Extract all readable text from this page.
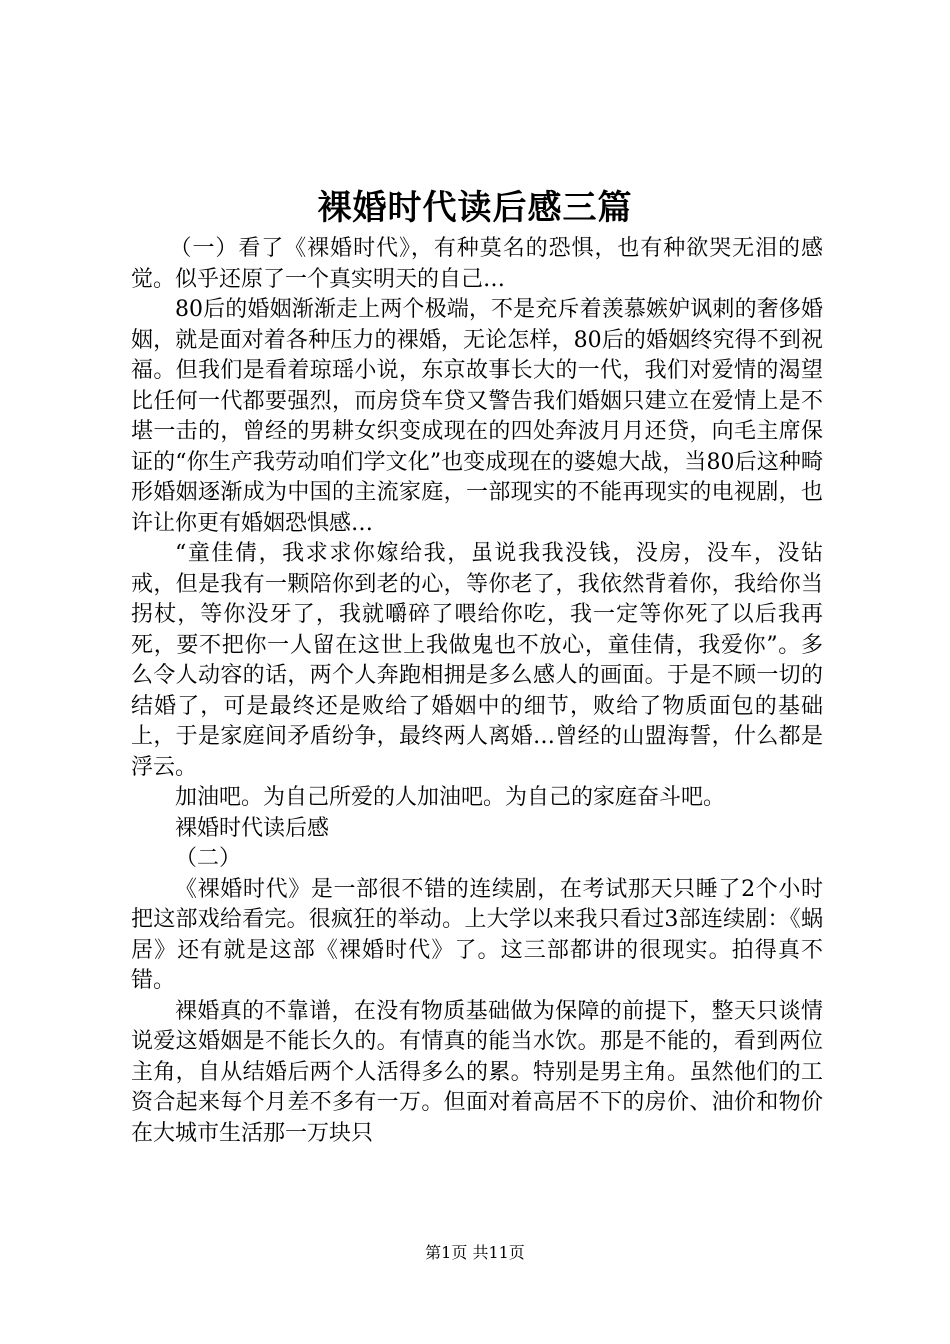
裸婚时代读后感三篇

（一）看了《裸婚时代》，有种莫名的恐惧，也有种欲哭无泪的感觉。似乎还原了一个真实明天的自己…

80后的婚姻渐渐走上两个极端，不是充斥着羡慕嫉妒讽刺的奢侈婚姻，就是面对着各种压力的裸婚，无论怎样，80后的婚姻终究得不到祝福。但我们是看着琼瑶小说，东京故事长大的一代，我们对爱情的渴望比任何一代都要强烈，而房贷车贷又警告我们婚姻只建立在爱情上是不堪一击的，曾经的男耕女织变成现在的四处奔波月月还贷，向毛主席保证的“你生产我劳动咱们学文化”也变成现在的婆媳大战，当80后这种畸形婚姻逐渐成为中国的主流家庭，一部现实的不能再现实的电视剧，也许让你更有婚姻恐惧感…

“童佳倩，我求求你嫁给我，虽说我我没钱，没房，没车，没钻戒，但是我有一颗陪你到老的心，等你老了，我依然背着你，我给你当拐杖，等你没牙了，我就嚼碎了喂给你吃，我一定等你死了以后我再死，要不把你一人留在这世上我做鬼也不放心，童佳倩，我爱你”。多么令人动容的话，两个人奔跑相拥是多么感人的画面。于是不顾一切的结婚了，可是最终还是败给了婚姻中的细节，败给了物质面包的基础上，于是家庭间矛盾纷争，最终两人离婚…曾经的山盟海誓，什么都是浮云。

加油吧。为自己所爱的人加油吧。为自己的家庭奋斗吧。

裸婚时代读后感

（二）

《裸婚时代》是一部很不错的连续剧，在考试那天只睡了2个小时把这部戏给看完。很疯狂的举动。上大学以来我只看过3部连续剧：《蜗居》还有就是这部《裸婚时代》了。这三部都讲的很现实。拍得真不错。

裸婚真的不靠谱，在没有物质基础做为保障的前提下，整天只谈情说爱这婚姻是不能长久的。有情真的能当水饮。那是不能的，看到两位主角，自从结婚后两个人活得多么的累。特别是男主角。虽然他们的工资合起来每个月差不多有一万。但面对着高居不下的房价、油价和物价在大城市生活那一万块只

第1页 共11页
